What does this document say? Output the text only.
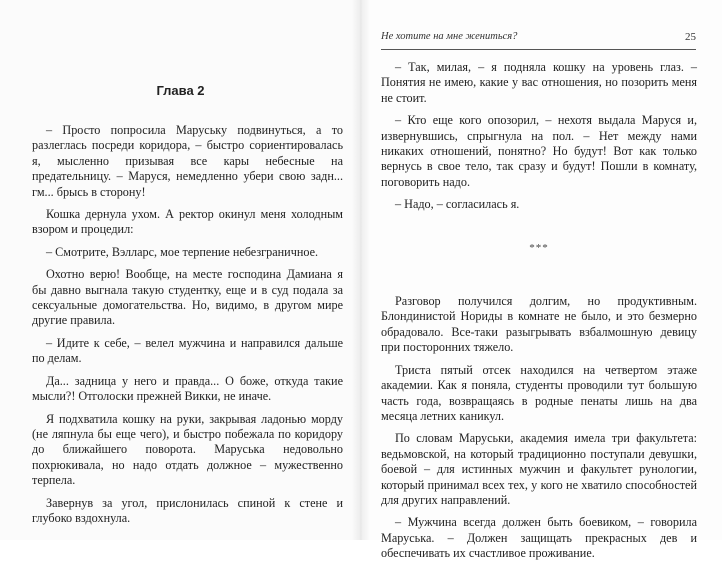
Глава 2

– Просто попросила Маруську подвинуться, а то разлеглась посреди коридора, – быстро сориентировалась я, мысленно призывая все кары небесные на предательницу. – Маруся, немедленно убери свою задн... гм... брысь в сторону!

Кошка дернула ухом. А ректор окинул меня холодным взором и процедил:

– Смотрите, Вэлларс, мое терпение небезграничное.

Охотно верю! Вообще, на месте господина Дамиана я бы давно выгнала такую студентку, еще и в суд подала за сексуальные домогательства. Но, видимо, в другом мире другие правила.

– Идите к себе, – велел мужчина и направился дальше по делам.

Да... задница у него и правда... О боже, откуда такие мысли?! Отголоски прежней Викки, не иначе.

Я подхватила кошку на руки, закрывая ладонью морду (не ляпнула бы еще чего), и быстро побежала по коридору до ближайшего поворота. Маруська недовольно похрюкивала, но надо отдать должное – мужественно терпела.

Завернув за угол, прислонилась спиной к стене и глубоко вздохнула.

Не хотите на мне жениться?	25

– Так, милая, – я подняла кошку на уровень глаз. – Понятия не имею, какие у вас отношения, но позорить меня не стоит.

– Кто еще кого опозорил, – нехотя выдала Маруся и, извернувшись, спрыгнула на пол. – Нет между нами никаких отношений, понятно? Но будут! Вот как только вернусь в свое тело, так сразу и будут! Пошли в комнату, поговорить надо.

– Надо, – согласилась я.

***

Разговор получился долгим, но продуктивным. Блондинистой Нориды в комнате не было, и это безмерно обрадовало. Все-таки разыгрывать взбалмошную девицу при посторонних тяжело.

Триста пятый отсек находился на четвертом этаже академии. Как я поняла, студенты проводили тут большую часть года, возвращаясь в родные пенаты лишь на два месяца летних каникул.

По словам Маруськи, академия имела три факультета: ведьмовской, на который традиционно поступали девушки, боевой – для истинных мужчин и факультет рунологии, который принимал всех тех, у кого не хватило способностей для других направлений.

– Мужчина всегда должен быть боевиком, – говорила Маруська. – Должен защищать прекрасных дев и обеспечивать их счастливое проживание.
